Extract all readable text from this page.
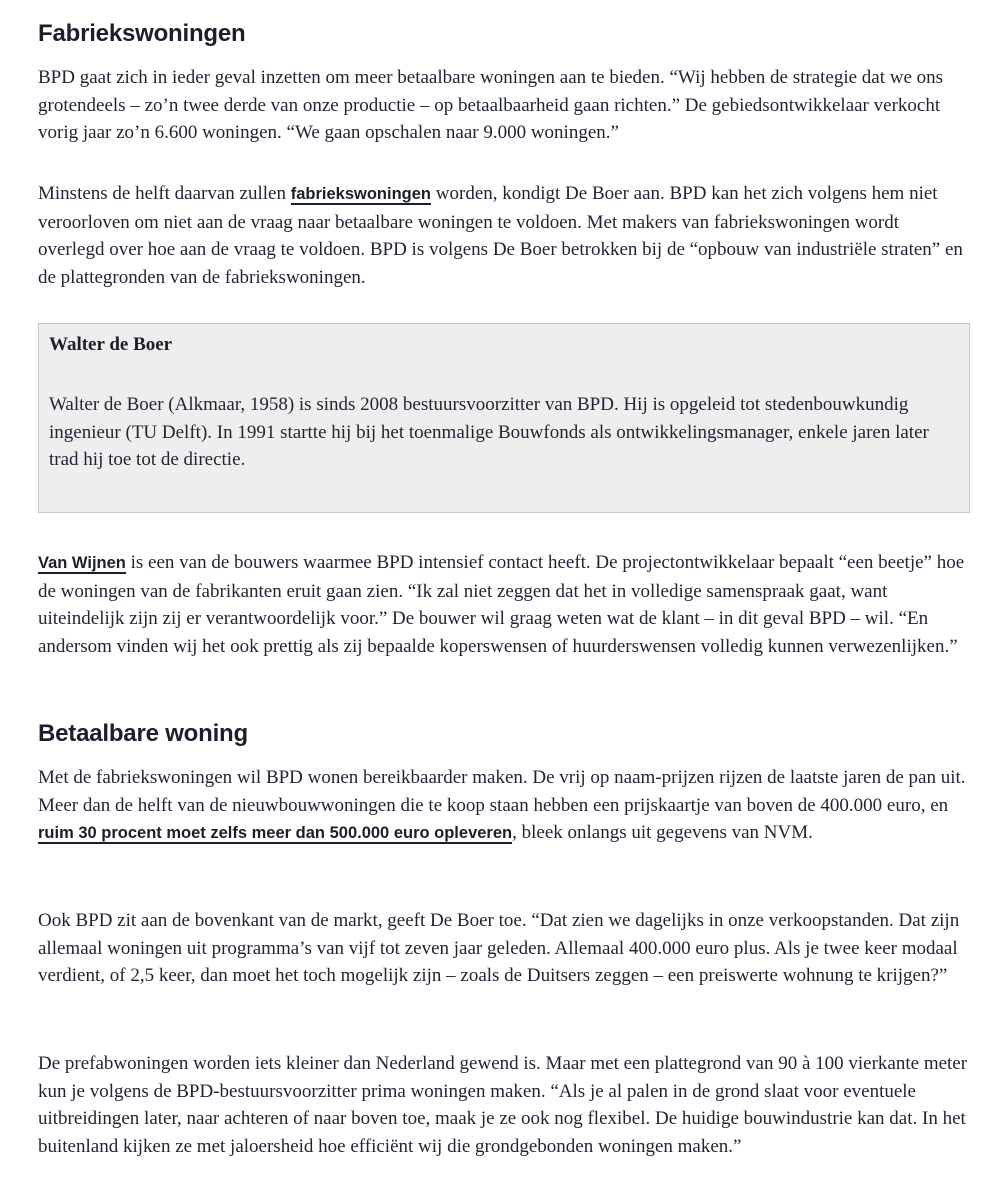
Fabriekswoningen

BPD gaat zich in ieder geval inzetten om meer betaalbare woningen aan te bieden. “Wij hebben de strategie dat we ons grotendeels – zo’n twee derde van onze productie – op betaalbaarheid gaan richten.” De gebiedsontwikkelaar verkocht vorig jaar zo’n 6.600 woningen. “We gaan opschalen naar 9.000 woningen.”

Minstens de helft daarvan zullen fabriekswoningen worden, kondigt De Boer aan. BPD kan het zich volgens hem niet veroorloven om niet aan de vraag naar betaalbare woningen te voldoen. Met makers van fabriekswoningen wordt overlegd over hoe aan de vraag te voldoen. BPD is volgens De Boer betrokken bij de “opbouw van industriële straten” en de plattegronden van de fabriekswoningen.

Walter de Boer

Walter de Boer (Alkmaar, 1958) is sinds 2008 bestuursvoorzitter van BPD. Hij is opgeleid tot stedenbouwkundig ingenieur (TU Delft). In 1991 startte hij bij het toenmalige Bouwfonds als ontwikkelingsmanager, enkele jaren later trad hij toe tot de directie.

Van Wijnen is een van de bouwers waarmee BPD intensief contact heeft. De projectontwikkelaar bepaalt “een beetje” hoe de woningen van de fabrikanten eruit gaan zien. “Ik zal niet zeggen dat het in volledige samenspraak gaat, want uiteindelijk zijn zij er verantwoordelijk voor.” De bouwer wil graag weten wat de klant – in dit geval BPD – wil. “En andersom vinden wij het ook prettig als zij bepaalde koperswensen of huurderswensen volledig kunnen verwezenlijken.”

Betaalbare woning

Met de fabriekswoningen wil BPD wonen bereikbaarder maken. De vrij op naam-prijzen rijzen de laatste jaren de pan uit. Meer dan de helft van de nieuwbouwwoningen die te koop staan hebben een prijskaartje van boven de 400.000 euro, en ruim 30 procent moet zelfs meer dan 500.000 euro opleveren, bleek onlangs uit gegevens van NVM.

Ook BPD zit aan de bovenkant van de markt, geeft De Boer toe. “Dat zien we dagelijks in onze verkoopstanden. Dat zijn allemaal woningen uit programma’s van vijf tot zeven jaar geleden. Allemaal 400.000 euro plus. Als je twee keer modaal verdient, of 2,5 keer, dan moet het toch mogelijk zijn – zoals de Duitsers zeggen – een preiswerte wohnung te krijgen?”

De prefabwoningen worden iets kleiner dan Nederland gewend is. Maar met een plattegrond van 90 à 100 vierkante meter kun je volgens de BPD-bestuursvoorzitter prima woningen maken. “Als je al palen in de grond slaat voor eventuele uitbreidingen later, naar achteren of naar boven toe, maak je ze ook nog flexibel. De huidige bouwindustrie kan dat. In het buitenland kijken ze met jaloersheid hoe efficiënt wij die grondgebonden woningen maken.”
